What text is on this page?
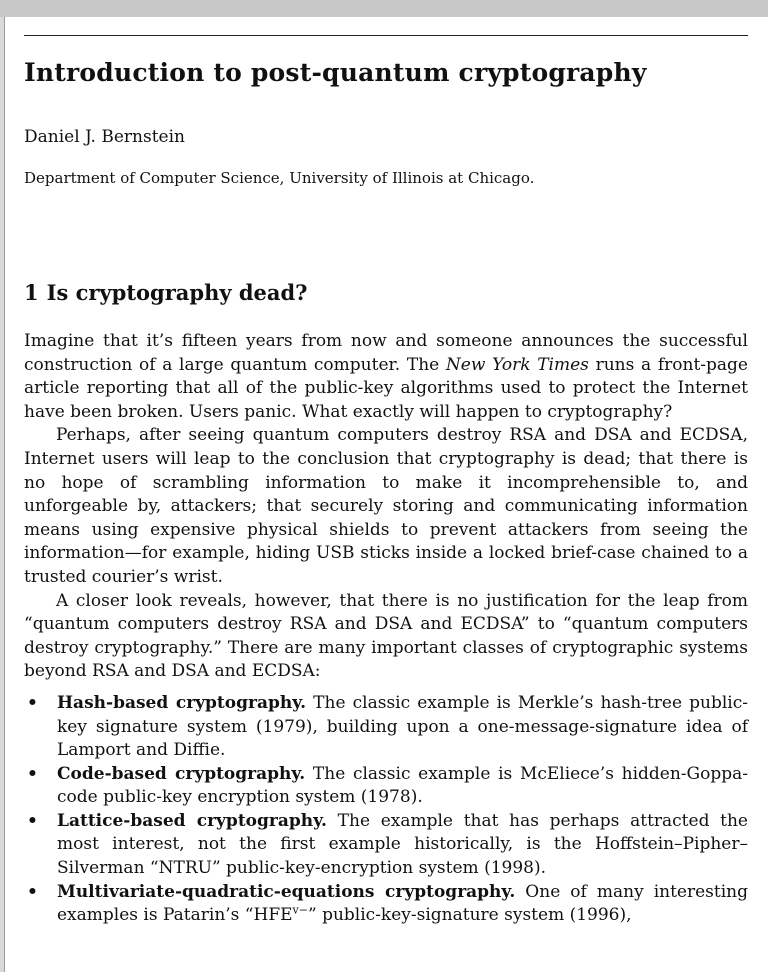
Introduction to post-quantum cryptography
Daniel J. Bernstein
Department of Computer Science, University of Illinois at Chicago.
1 Is cryptography dead?

Imagine that it’s fifteen years from now and someone announces the successful construction of a large quantum computer. The New York Times runs a front-page article reporting that all of the public-key algorithms used to protect the Internet have been broken. Users panic. What exactly will happen to cryptography?

Perhaps, after seeing quantum computers destroy RSA and DSA and ECDSA, Internet users will leap to the conclusion that cryptography is dead; that there is no hope of scrambling information to make it incomprehensible to, and unforgeable by, attackers; that securely storing and communicating information means using expensive physical shields to prevent attackers from seeing the information—for example, hiding USB sticks inside a locked brief-case chained to a trusted courier’s wrist.

A closer look reveals, however, that there is no justification for the leap from “quantum computers destroy RSA and DSA and ECDSA” to “quantum computers destroy cryptography.” There are many important classes of cryptographic systems beyond RSA and DSA and ECDSA:

• Hash-based cryptography. The classic example is Merkle’s hash-tree public-key signature system (1979), building upon a one-message-signature idea of Lamport and Diffie.
• Code-based cryptography. The classic example is McEliece’s hidden-Goppa-code public-key encryption system (1978).
• Lattice-based cryptography. The example that has perhaps attracted the most interest, not the first example historically, is the Hoffstein–Pipher–Silverman “NTRU” public-key-encryption system (1998).
• Multivariate-quadratic-equations cryptography. One of many interesting examples is Patarin’s “$HFE^{v-}$” public-key-signature system (1996),
